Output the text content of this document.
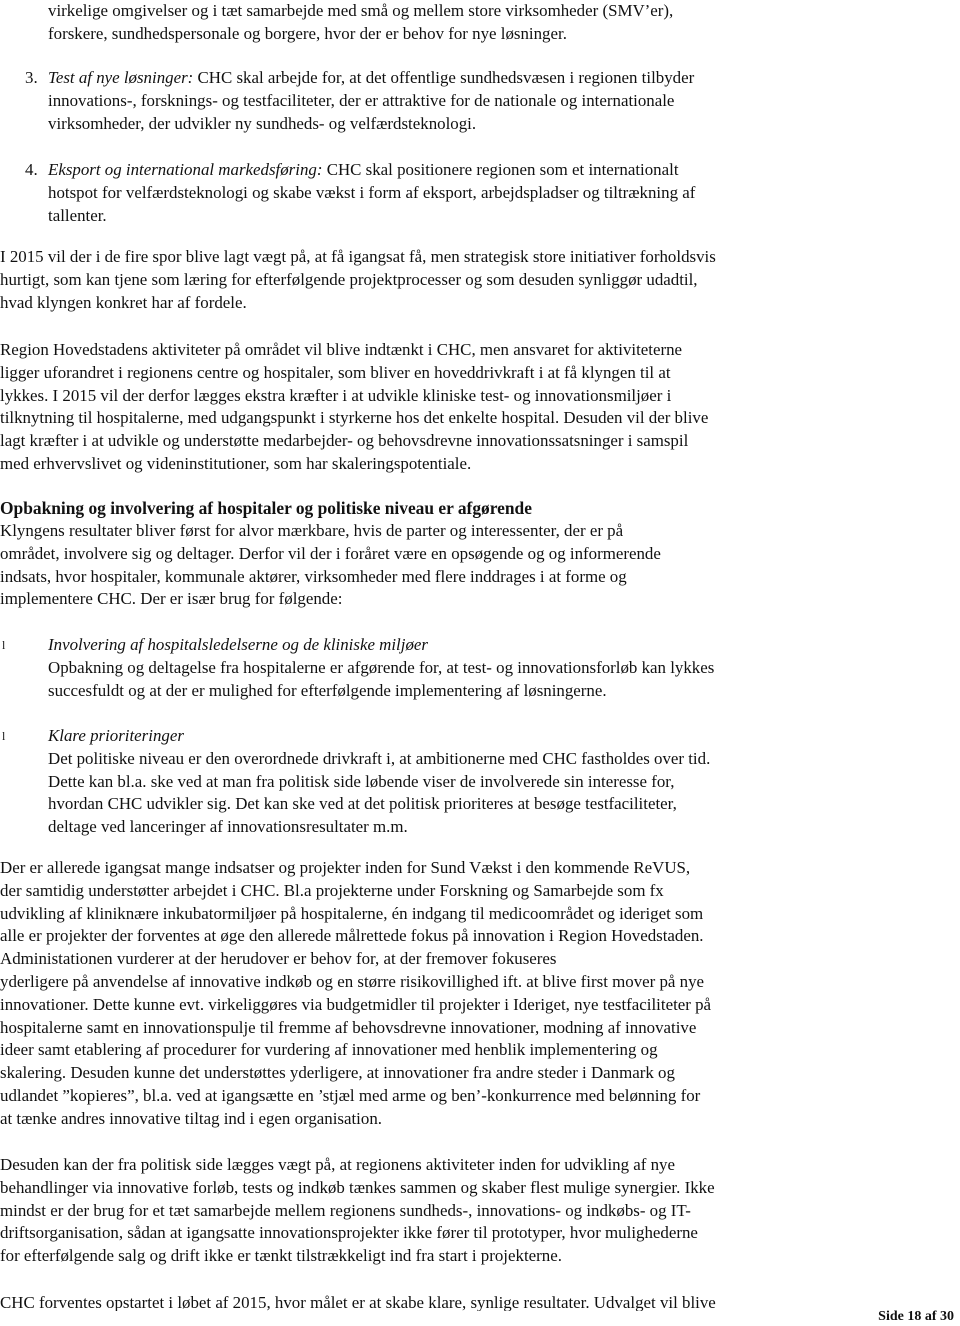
virkelige omgivelser og i tæt samarbejde med små og mellem store virksomheder (SMV’er),
forskere, sundhedspersonale og borgere, hvor der er behov for nye løsninger.
3. Test af nye løsninger: CHC skal arbejde for, at det offentlige sundhedsvæsen i regionen tilbyder
innovations-, forsknings- og testfaciliteter, der er attraktive for de nationale og internationale
virksomheder, der udvikler ny sundheds- og velfærdsteknologi.
4. Eksport og international markedsføring: CHC skal positionere regionen som et internationalt
hotspot for velfærdsteknologi og skabe vækst i form af eksport, arbejdspladser og tiltrækning af
tallenter.
I 2015 vil der i de fire spor blive lagt vægt på, at få igangsat få, men strategisk store initiativer forholdsvis
hurtigt, som kan tjene som læring for efterfølgende projektprocesser og som desuden synliggør udadtil,
hvad klyngen konkret har af fordele.
Region Hovedstadens aktiviteter på området vil blive indtænkt i CHC, men ansvaret for aktiviteterne
ligger uforandret i regionens centre og hospitaler, som bliver en hoveddrivkraft i at få klyngen til at
lykkes. I 2015 vil der derfor lægges ekstra kræfter i at udvikle kliniske test- og innovationsmiljøer i
tilknytning til hospitalerne, med udgangspunkt i styrkerne hos det enkelte hospital. Desuden vil der blive
lagt kræfter i at udvikle og understøtte medarbejder- og behovsdrevne innovationssatsninger i samspil
med erhvervslivet og videninstitutioner, som har skaleringspotentiale.
Opbakning og involvering af hospitaler og politiske niveau er afgørende
Klyngens resultater bliver først for alvor mærkbare, hvis de parter og interessenter, der er på
området, involvere sig og deltager. Derfor vil der i foråret være en opsøgende og og informerende
indsats, hvor hospitaler, kommunale aktører, virksomheder med flere inddrages i at forme og
implementere CHC. Der er især brug for følgende:
l	Involvering af hospitalsledelserne og de kliniske miljøer
Opbakning og deltagelse fra hospitalerne er afgørende for, at test- og innovationsforløb kan lykkes
succesfuldt og at der er mulighed for efterfølgende implementering af løsningerne.
l	Klare prioriteringer
Det politiske niveau er den overordnede drivkraft i, at ambitionerne med CHC fastholdes over tid.
Dette kan bl.a. ske ved at man fra politisk side løbende viser de involverede sin interesse for,
hvordan CHC udvikler sig. Det kan ske ved at det politisk prioriteres at besøge testfaciliteter,
deltage ved lanceringer af innovationsresultater m.m.
Der er allerede igangsat mange indsatser og projekter inden for Sund Vækst i den kommende ReVUS,
der samtidig understøtter arbejdet i CHC. Bl.a projekterne under Forskning og Samarbejde som fx
udvikling af kliniknære inkubatormiljøer på hospitalerne, én indgang til medicoområdet og ideriget som
alle er projekter der forventes at øge den allerede målrettede fokus på innovation i Region Hovedstaden.
Administationen vurderer at der herudover er behov for, at der fremover fokuseres
yderligere på anvendelse af innovative indkøb og en større risikovillighed ift. at blive first mover på nye
innovationer. Dette kunne evt. virkeliggøres via budgetmidler til projekter i Ideriget, nye testfaciliteter på
hospitalerne samt en innovationspulje til fremme af behovsdrevne innovationer, modning af innovative
ideer samt etablering af procedurer for vurdering af innovationer med henblik implementering og
skalering. Desuden kunne det understøttes yderligere, at innovationer fra andre steder i Danmark og
udlandet ”kopieres”, bl.a. ved at igangsætte en ’stjæl med arme og ben’-konkurrence med belønning for
at tænke andres innovative tiltag ind i egen organisation.
Desuden kan der fra politisk side lægges vægt på, at regionens aktiviteter inden for udvikling af nye
behandlinger via innovative forløb, tests og indkøb tænkes sammen og skaber flest mulige synergier. Ikke
mindst er der brug for et tæt samarbejde mellem regionens sundheds-, innovations- og indkøbs- og IT-
driftsorganisation, sådan at igangsatte innovationsprojekter ikke fører til prototyper, hvor mulighederne
for efterfølgende salg og drift ikke er tænkt tilstrækkeligt ind fra start i projekterne.
CHC forventes opstartet i løbet af 2015, hvor målet er at skabe klare, synlige resultater. Udvalget vil blive
Side 18 af 30
